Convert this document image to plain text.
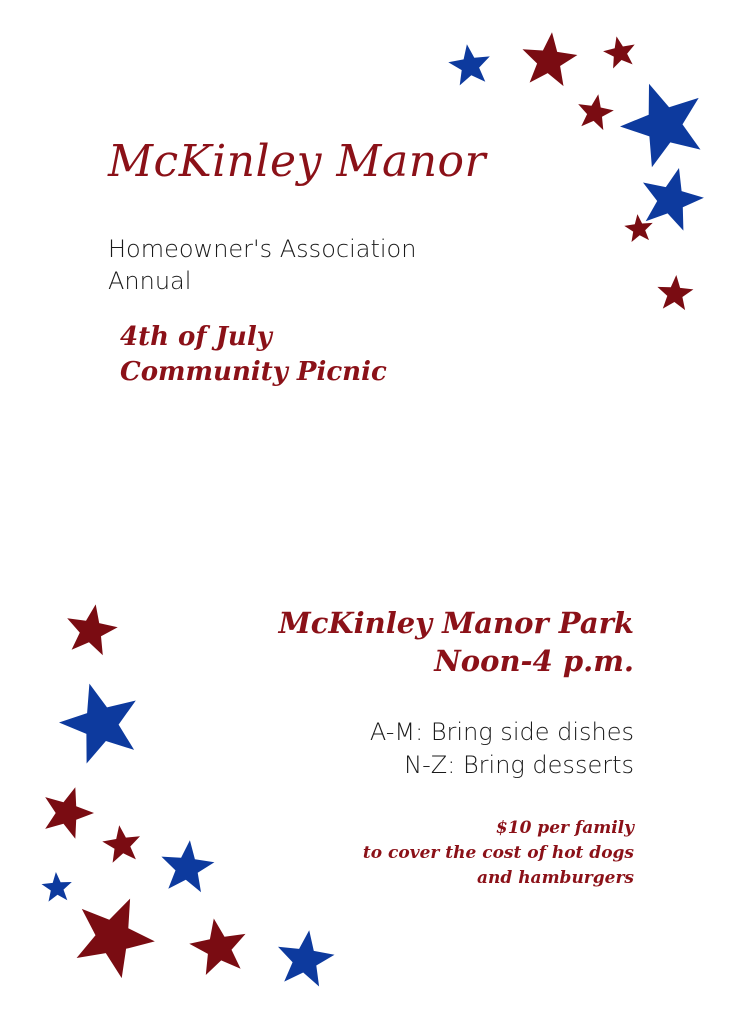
McKinley Manor
Homeowner's Association
Annual
4th of July
Community Picnic
McKinley Manor Park
Noon-4 p.m.
A-M: Bring side dishes
N-Z: Bring desserts
$10 per family
to cover the cost of hot dogs
and hamburgers
